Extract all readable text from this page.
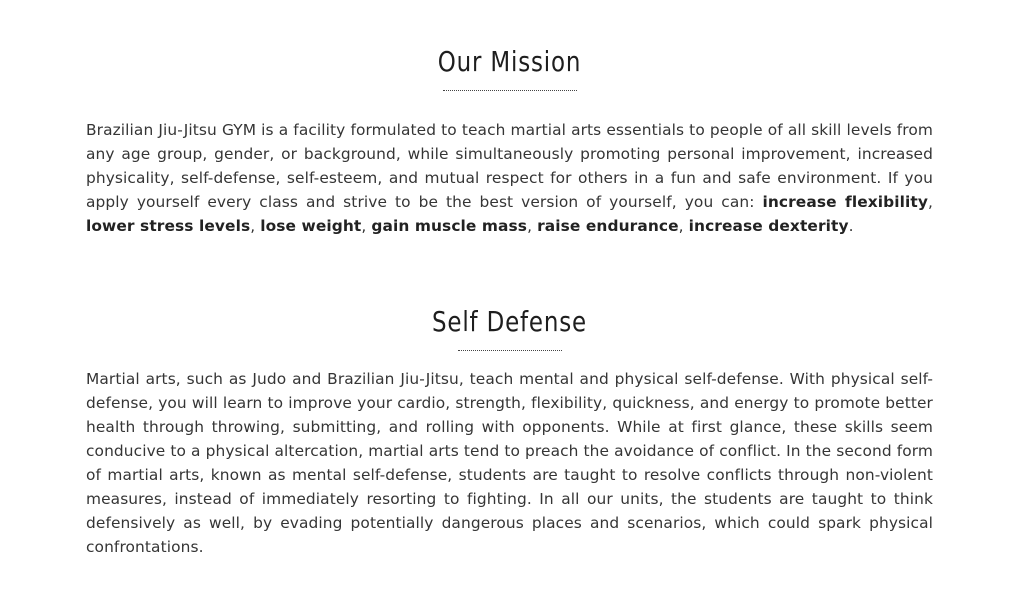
Our Mission

Brazilian Jiu-Jitsu GYM is a facility formulated to teach martial arts essentials to people of all skill levels from any age group, gender, or background, while simultaneously promoting personal improvement, increased physicality, self-defense, self-esteem, and mutual respect for others in a fun and safe environment. If you apply yourself every class and strive to be the best version of yourself, you can: increase flexibility, lower stress levels, lose weight, gain muscle mass, raise endurance, increase dexterity.

Self Defense

Martial arts, such as Judo and Brazilian Jiu-Jitsu, teach mental and physical self-defense. With physical self-defense, you will learn to improve your cardio, strength, flexibility, quickness, and energy to promote better health through throwing, submitting, and rolling with opponents. While at first glance, these skills seem conducive to a physical altercation, martial arts tend to preach the avoidance of conflict. In the second form of martial arts, known as mental self-defense, students are taught to resolve conflicts through non-violent measures, instead of immediately resorting to fighting. In all our units, the students are taught to think defensively as well, by evading potentially dangerous places and scenarios, which could spark physical confrontations.
